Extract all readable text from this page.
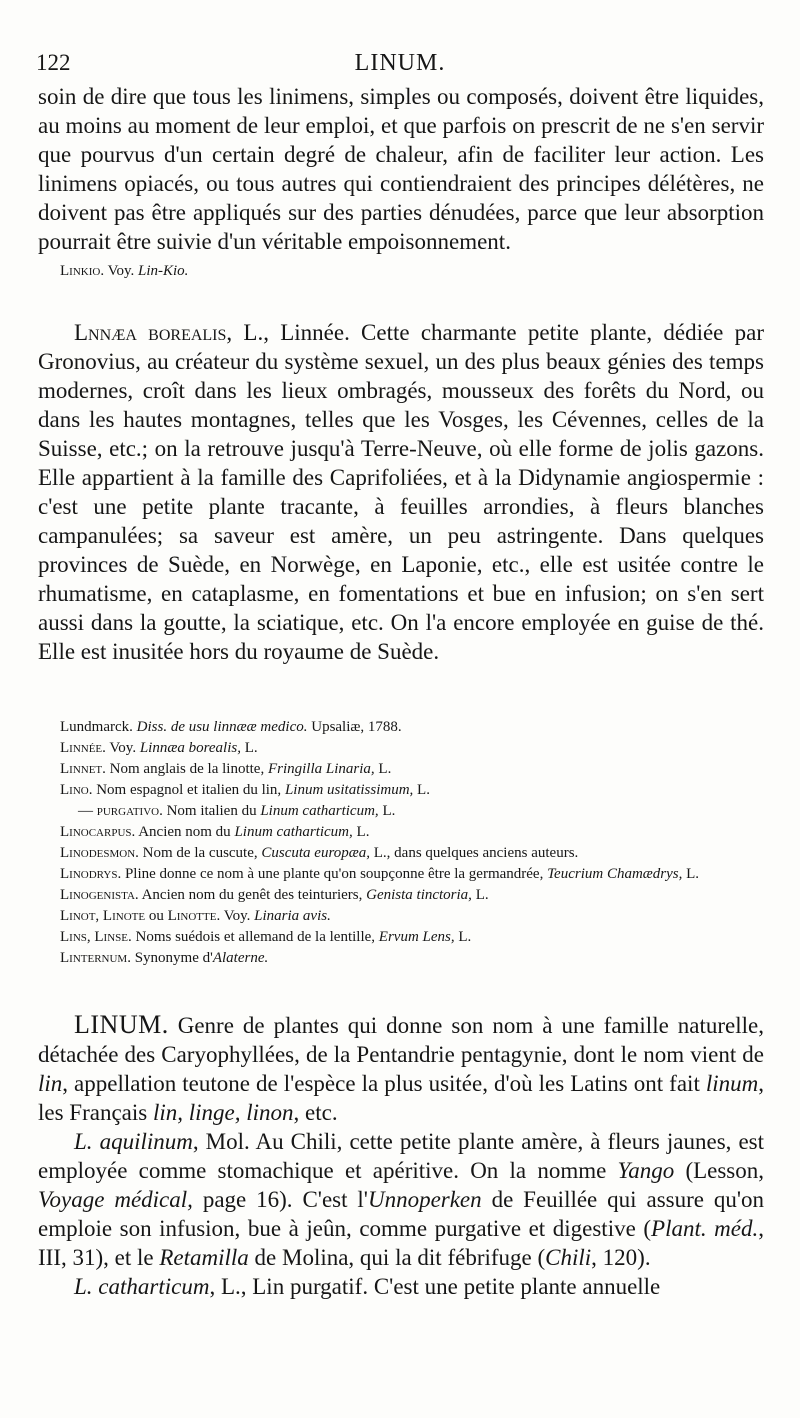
122	LINUM.

soin de dire que tous les linimens, simples ou composés, doivent être liquides, au moins au moment de leur emploi, et que parfois on prescrit de ne s'en servir que pourvus d'un certain degré de chaleur, afin de faciliter leur action. Les linimens opiacés, ou tous autres qui contiendraient des principes délétères, ne doivent pas être appliqués sur des parties dénudées, parce que leur absorption pourrait être suivie d'un véritable empoisonnement.

Linkio. Voy. Lin-Kio.

Lnnæa borealis, L., Linnée. Cette charmante petite plante, dédiée par Gronovius, au créateur du système sexuel, un des plus beaux génies des temps modernes, croît dans les lieux ombragés, mousseux des forêts du Nord, ou dans les hautes montagnes, telles que les Vosges, les Cévennes, celles de la Suisse, etc.; on la retrouve jusqu'à Terre-Neuve, où elle forme de jolis gazons. Elle appartient à la famille des Caprifoliées, et à la Didynamie angiospermie : c'est une petite plante tracante, à feuilles arrondies, à fleurs blanches campanulées; sa saveur est amère, un peu astringente. Dans quelques provinces de Suède, en Norwège, en Laponie, etc., elle est usitée contre le rhumatisme, en cataplasme, en fomentations et bue en infusion; on s'en sert aussi dans la goutte, la sciatique, etc. On l'a encore employée en guise de thé. Elle est inusitée hors du royaume de Suède.

Lundmarck. Diss. de usu linnææ medico. Upsaliæ, 1788.

Linnée. Voy. Linnæa borealis, L.

Linnet. Nom anglais de la linotte, Fringilla Linaria, L.

Lino. Nom espagnol et italien du lin, Linum usitatissimum, L.

— purgativo. Nom italien du Linum catharticum, L.

Linocarpus. Ancien nom du Linum catharticum, L.

Linodesmon. Nom de la cuscute, Cuscuta europæa, L., dans quelques anciens auteurs.

Linodrys. Pline donne ce nom à une plante qu'on soupçonne être la germandrée, Teucrium Chamædrys, L.

Linogenista. Ancien nom du genêt des teinturiers, Genista tinctoria, L.

Linot, Linote ou Linotte. Voy. Linaria avis.

Lins, Linse. Noms suédois et allemand de la lentille, Ervum Lens, L.

Linternum. Synonyme d'Alaterne.

LINUM. Genre de plantes qui donne son nom à une famille naturelle, détachée des Caryophyllées, de la Pentandrie pentagynie, dont le nom vient de lin, appellation teutone de l'espèce la plus usitée, d'où les Latins ont fait linum, les Français lin, linge, linon, etc.

L. aquilinum, Mol. Au Chili, cette petite plante amère, à fleurs jaunes, est employée comme stomachique et apéritive. On la nomme Yango (Lesson, Voyage médical, page 16). C'est l'Unnoperken de Feuillée qui assure qu'on emploie son infusion, bue à jeûn, comme purgative et digestive (Plant. méd., III, 31), et le Retamilla de Molina, qui la dit fébrifuge (Chili, 120).

L. catharticum, L., Lin purgatif. C'est une petite plante annuelle
